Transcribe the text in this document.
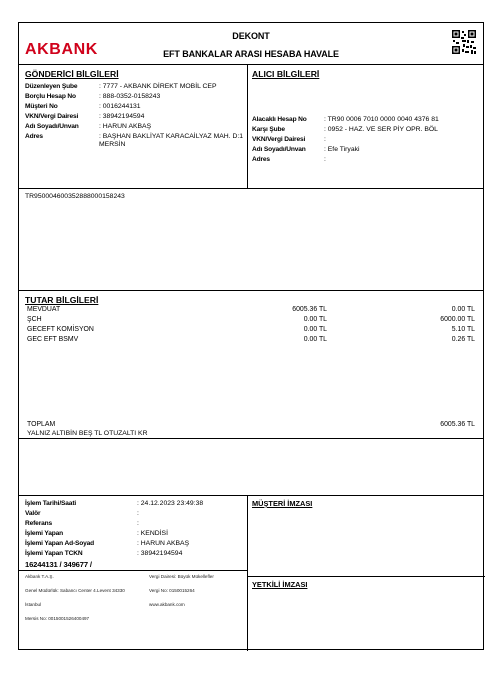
AKBANK
DEKONT
EFT BANKALAR ARASI HESABA HAVALE
GÖNDERİCİ BİLGİLERİ
Düzenleyen Şube	: 7777 - AKBANK DİREKT MOBİL CEP
Borçlu Hesap No	: 888-0352-0158243
Müşteri No	: 0016244131
VKN/Vergi Dairesi	: 38942194594
Adı Soyadı/Unvan	: HARUN AKBAŞ
Adres	: BAŞHAN BAKLİYAT KARACAİLYAZ MAH. D:1 MERSİN
ALICI BİLGİLERİ
Alacaklı Hesap No	: TR90 0006 7010 0000 0040 4376 81
Karşı Şube	: 0952 - HAZ. VE SER PİY OPR. BÖL
VKN/Vergi Dairesi	:
Adı Soyadı/Unvan	: Efe Tiryaki
Adres	:
TR950004600352888000158243
TUTAR BİLGİLERİ
MEVDUAT	6005.36 TL	0.00 TL
ŞCH	0.00 TL	6000.00 TL
GECEFT KOMİSYON	0.00 TL	5.10 TL
GEC EFT BSMV	0.00 TL	0.26 TL
TOPLAM	6005.36 TL
YALNIZ ALTIBİN BEŞ TL OTUZALTI KR
İşlem Tarihi/Saati	: 24.12.2023 23:49:38
Valör	:
Referans	:
İşlemi Yapan	: KENDİSİ
İşlemi Yapan Ad-Soyad	: HARUN AKBAŞ
İşlemi Yapan TCKN	: 38942194594
16244131 / 349677 /
Akbank T.A.Ş.
Genel Müdürlük: Sabancı Center 4.Levent 34330
İstanbul
Mersis No: 0015001526400497
Vergi Dairesi: Büyük Mükellefler
Vergi No: 0150015264
www.akbank.com
MÜŞTERİ İMZASI
YETKİLİ İMZASI
